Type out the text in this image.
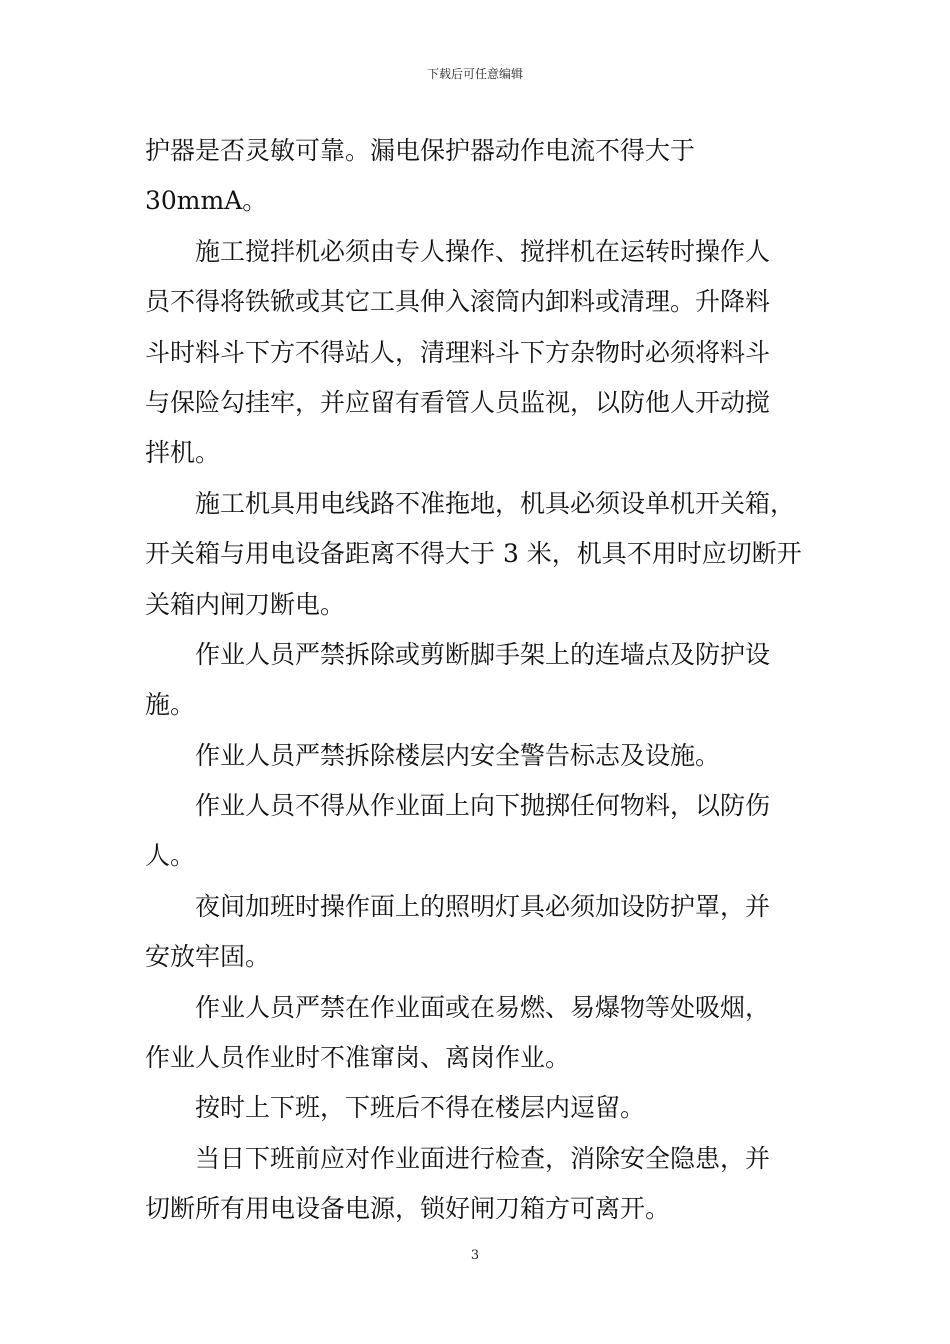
下载后可任意编辑
护器是否灵敏可靠。漏电保护器动作电流不得大于
30mmA。
施工搅拌机必须由专人操作、搅拌机在运转时操作人
员不得将铁锨或其它工具伸入滚筒内卸料或清理。升降料
斗时料斗下方不得站人，清理料斗下方杂物时必须将料斗
与保险勾挂牢，并应留有看管人员监视，以防他人开动搅
拌机。
施工机具用电线路不准拖地，机具必须设单机开关箱，
开关箱与用电设备距离不得大于 3 米，机具不用时应切断开
关箱内闸刀断电。
作业人员严禁拆除或剪断脚手架上的连墙点及防护设
施。
作业人员严禁拆除楼层内安全警告标志及设施。
作业人员不得从作业面上向下抛掷任何物料，以防伤
人。
夜间加班时操作面上的照明灯具必须加设防护罩，并
安放牢固。
作业人员严禁在作业面或在易燃、易爆物等处吸烟，
作业人员作业时不准窜岗、离岗作业。
按时上下班，下班后不得在楼层内逗留。
当日下班前应对作业面进行检查，消除安全隐患，并
切断所有用电设备电源，锁好闸刀箱方可离开。
3
